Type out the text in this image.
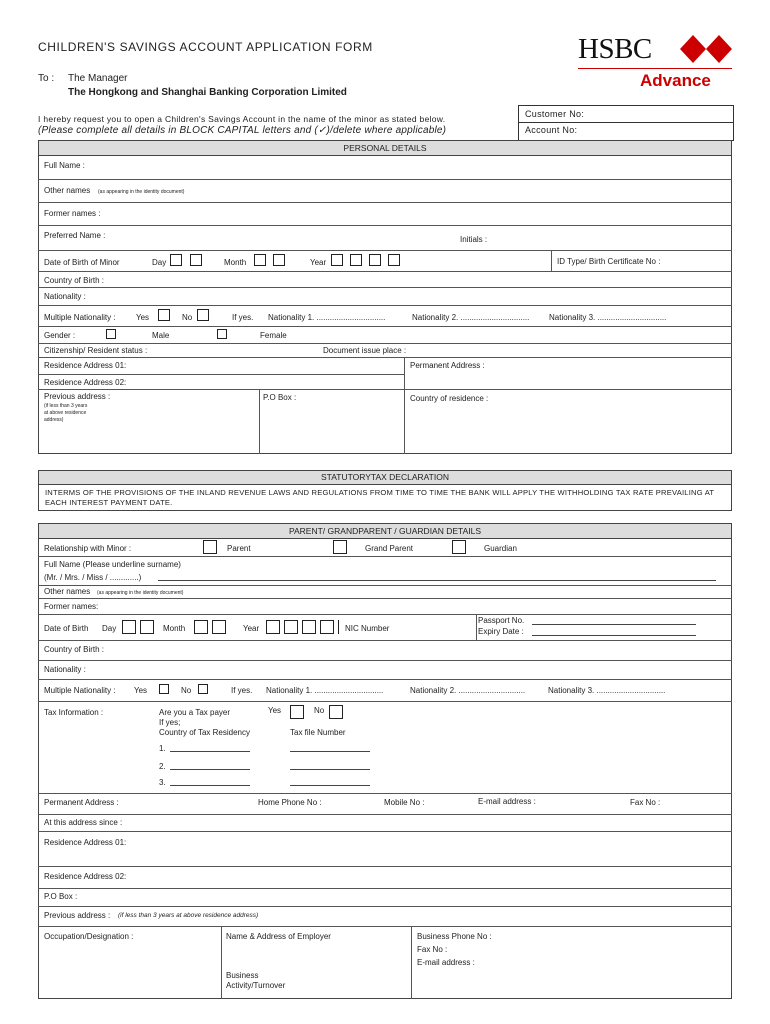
CHILDREN'S SAVINGS ACCOUNT APPLICATION FORM	HSBC
Advance
To : The Manager
The Hongkong and Shanghai Banking Corporation Limited
I hereby request you to open a Children's Savings Account in the name of the minor as stated below.
(Please complete all details in BLOCK CAPITAL letters and (✓)/delete where applicable)
Customer No:
Account No:
PERSONAL DETAILS
Full Name :
Other names (as appearing in the identity document)
Former names :
Preferred Name :	Initials :
Date of Birth of Minor	Day	Month	Year	ID Type/ Birth Certificate No :
Country of Birth :
Nationality :
Multiple Nationality :	Yes	No	If yes. Nationality 1. ...............................	Nationality 2. ............................... Nationality 3. ...............................
Gender :	Male	Female
Citizenship/ Resident status :	Document issue place :
Residence Address 01:	Permanent Address :
Residence Address 02:
Previous address :
(if less than 3 years
at above residence
address)
P.O Box :	Country of residence :
STATUTORYTAX DECLARATION
INTERMS OF THE PROVISIONS OF THE INLAND REVENUE LAWS AND REGULATIONS FROM TIME TO TIME THE BANK WILL APPLY THE WITHHOLDING TAX RATE PREVAILING AT EACH INTEREST PAYMENT DATE.
PARENT/ GRANDPARENT / GUARDIAN DETAILS
Relationship with Minor :	Parent	Grand Parent	Guardian
Full Name (Please underline surname)
(Mr. / Mrs. / Miss / .............)
Other names (as appearing in the identity document)
Former names:
Date of Birth Day	Month	Year	NIC Number
Passport No.
Expiry Date :
Country of Birth :
Nationality :
Multiple Nationality : Yes	No	If yes. Nationality 1. ...............................	Nationality 2. ..............................	Nationality 3. ...............................
Tax Information :	Are you a Tax payer	Yes	No
If yes;
Country of Tax Residency	Tax file Number
1.
2.
3.
Permanent Address :	Home Phone No :	Mobile No :	E-mail address :	Fax No :
At this address since :
Residence Address 01:
Residence Address 02:
P.O Box :
Previous address : (if less than 3 years at above residence address)
Occupation/Designation :	Name & Address of Employer	Business Phone No :
Fax No :
E-mail address :
Business
Activity/Turnover
